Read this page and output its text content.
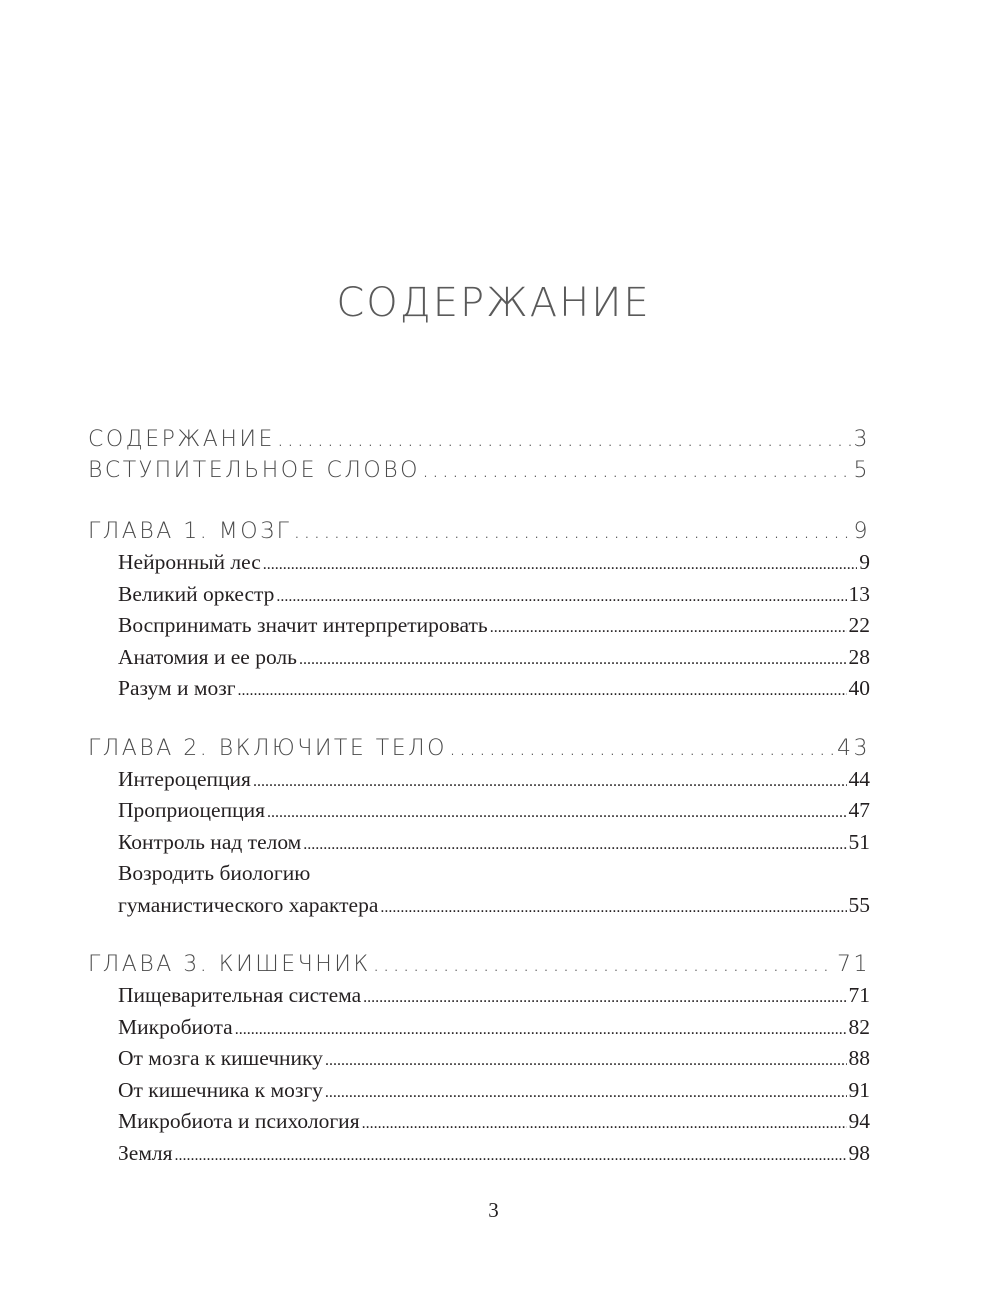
СОДЕРЖАНИЕ
СОДЕРЖАНИЕ .....	3
ВСТУПИТЕЛЬНОЕ СЛОВО .....	5
ГЛАВА 1. МОЗГ .....	9
Нейронный лес .....	9
Великий оркестр .....	13
Воспринимать значит интерпретировать .....	22
Анатомия и ее роль .....	28
Разум и мозг .....	40
ГЛАВА 2. ВКЛЮЧИТЕ ТЕЛО .....	43
Интероцепция .....	44
Проприоцепция .....	47
Контроль над телом .....	51
Возродить биологию
гуманистического характера .....	55
ГЛАВА 3. КИШЕЧНИК .....	71
Пищеварительная система .....	71
Микробиота .....	82
От мозга к кишечнику .....	88
От кишечника к мозгу .....	91
Микробиота и психология .....	94
Земля .....	98
3
